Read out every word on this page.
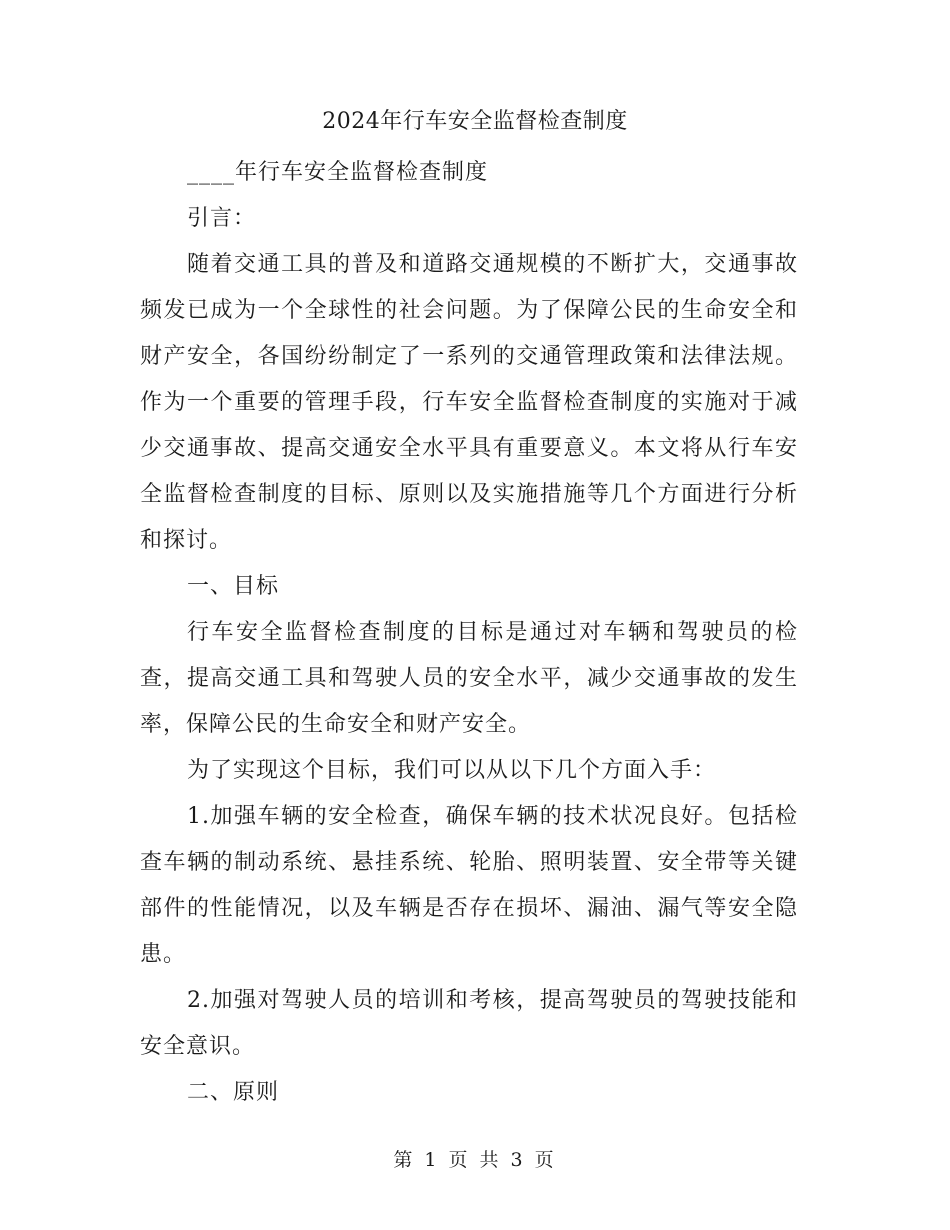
2024年行车安全监督检查制度

____年行车安全监督检查制度

引言：

随着交通工具的普及和道路交通规模的不断扩大，交通事故频发已成为一个全球性的社会问题。为了保障公民的生命安全和财产安全，各国纷纷制定了一系列的交通管理政策和法律法规。作为一个重要的管理手段，行车安全监督检查制度的实施对于减少交通事故、提高交通安全水平具有重要意义。本文将从行车安全监督检查制度的目标、原则以及实施措施等几个方面进行分析和探讨。

一、目标

行车安全监督检查制度的目标是通过对车辆和驾驶员的检查，提高交通工具和驾驶人员的安全水平，减少交通事故的发生率，保障公民的生命安全和财产安全。

为了实现这个目标，我们可以从以下几个方面入手：

1.加强车辆的安全检查，确保车辆的技术状况良好。包括检查车辆的制动系统、悬挂系统、轮胎、照明装置、安全带等关键部件的性能情况，以及车辆是否存在损坏、漏油、漏气等安全隐患。

2.加强对驾驶人员的培训和考核，提高驾驶员的驾驶技能和安全意识。

二、原则

第 1 页 共 3 页
